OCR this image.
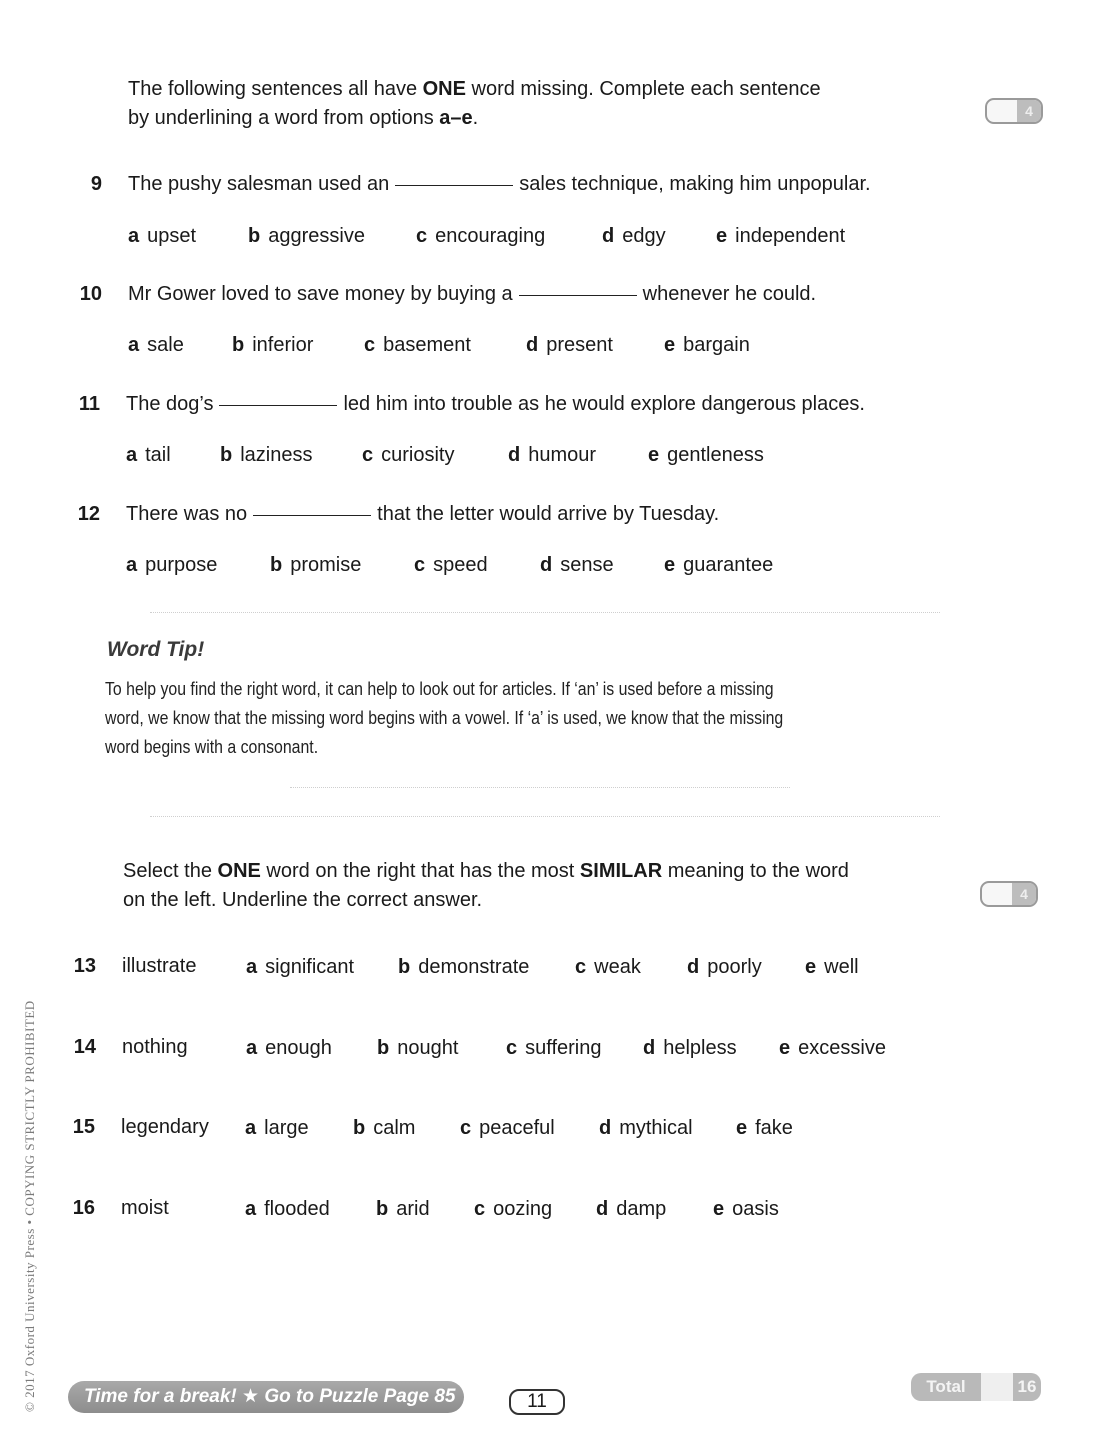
The following sentences all have ONE word missing. Complete each sentence
by underlining a word from options a–e.	4
9 The pushy salesman used an	sales technique, making him unpopular.
a upset	b aggressive	c encouraging	d edgy	e independent
10 Mr Gower loved to save money by buying a	whenever he could.
a sale b inferior	c basement	d present	e bargain
11 The dog’s	led him into trouble as he would explore dangerous places.
a tail b laziness c curiosity	d humour	e gentleness
12 There was no	that the letter would arrive by Tuesday.
a purpose	b promise	c speed	d sense	e guarantee
Word Tip!
To help you find the right word, it can help to look out for articles. If ‘an’ is used before a missing
word, we know that the missing word begins with a vowel. If ‘a’ is used, we know that the missing
word begins with a consonant.
Select the ONE word on the right that has the most SIMILAR meaning to the word
on the left. Underline the correct answer.	4
13 illustrate a significant b demonstrate c weak d poorly e well
14 nothing	a enough b nought c suffering d helpless e excessive
15 legendary a large b calm c peaceful d mythical e fake
16 moist	a flooded b arid c oozing d damp e oasis
© 2017 Oxford University Press • COPYING STRICTLY PROHIBITED	Time for a break! ★ Go to Puzzle Page 85 →	11
Total	16
